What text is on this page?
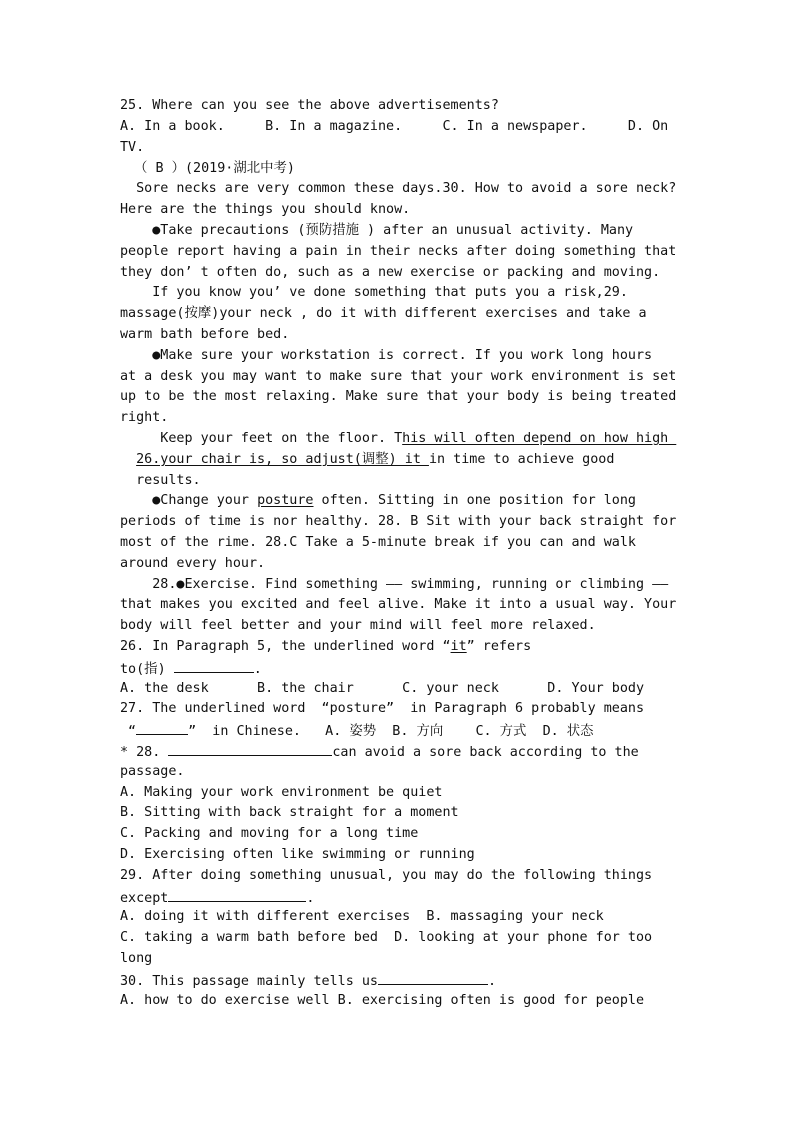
25. Where can you see the above advertisements?
A. In a book.     B. In a magazine.     C. In a newspaper.     D. On
TV.
（ B ）(2019·湖北中考)
Sore necks are very common these days.30. How to avoid a sore neck?
Here are the things you should know.
●Take precautions (预防措施 ) after an unusual activity. Many
people report having a pain in their necks after doing something that
they don’ t often do, such as a new exercise or packing and moving.
If you know you’ ve done something that puts you a risk,29.
massage(按摩)your neck , do it with different exercises and take a
warm bath before bed.
●Make sure your workstation is correct. If you work long hours
at a desk you may want to make sure that your work environment is set
up to be the most relaxing. Make sure that your body is being treated
right.
Keep your feet on the floor. This will often depend on how high
26.your chair is, so adjust(调整) it in time to achieve good
results.
●Change your posture often. Sitting in one position for long
periods of time is nor healthy. 28. B Sit with your back straight for
most of the rime. 28.C Take a 5-minute break if you can and walk
around every hour.
28.●Exercise. Find something —— swimming, running or climbing ——
that makes you excited and feel alive. Make it into a usual way. Your
body will feel better and your mind will feel more relaxed.
26. In Paragraph 5, the underlined word “it” refers
to(指)	.
A. the desk      B. the chair      C. your neck      D. Your body
27. The underlined word  “posture”  in Paragraph 6 probably means
“	”  in Chinese.   A. 姿势  B. 方向    C. 方式  D. 状态
* 28.	can avoid a sore back according to the
passage.
A. Making your work environment be quiet
B. Sitting with back straight for a moment
C. Packing and moving for a long time
D. Exercising often like swimming or running
29. After doing something unusual, you may do the following things
except	.
A. doing it with different exercises  B. massaging your neck
C. taking a warm bath before bed  D. looking at your phone for too
long
30. This passage mainly tells us	.
A. how to do exercise well B. exercising often is good for people
